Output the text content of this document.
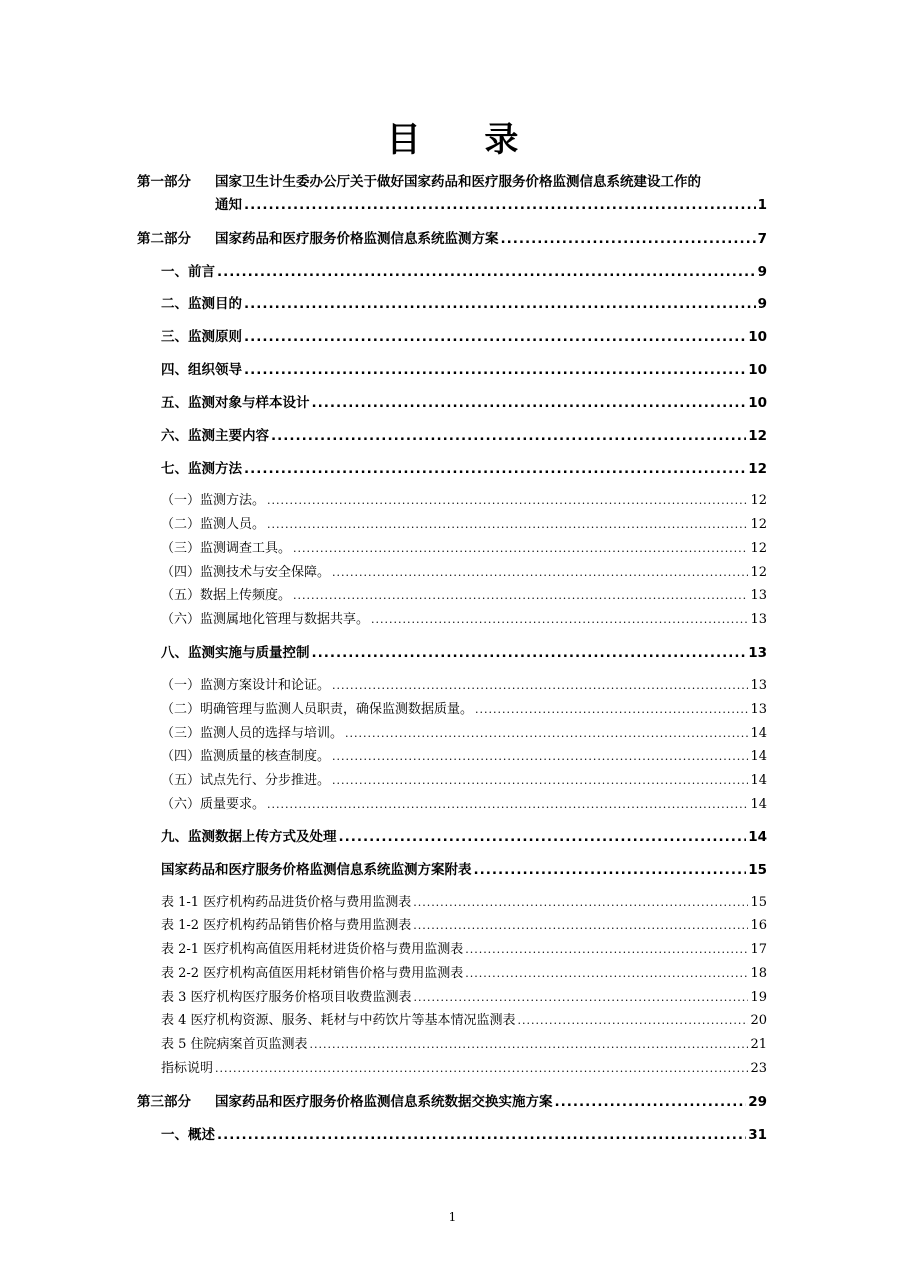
目 录
第一部分 国家卫生计生委办公厅关于做好国家药品和医疗服务价格监测信息系统建设工作的
通知 .....	1
第二部分 国家药品和医疗服务价格监测信息系统监测方案 .....	7
一、前言 .....	9
二、监测目的 .....	9
三、监测原则 .....	10
四、组织领导 .....	10
五、监测对象与样本设计 .....	10
六、监测主要内容 .....	12
七、监测方法 .....	12
（一）监测方法。 .....	12
（二）监测人员。 .....	12
（三）监测调查工具。 .....	12
（四）监测技术与安全保障。 .....	12
（五）数据上传频度。 .....	13
（六）监测属地化管理与数据共享。 .....	13
八、监测实施与质量控制 .....	13
（一）监测方案设计和论证。 .....	13
（二）明确管理与监测人员职责，确保监测数据质量。 .....	13
（三）监测人员的选择与培训。 .....	14
（四）监测质量的核查制度。 .....	14
（五）试点先行、分步推进。 .....	14
（六）质量要求。 .....	14
九、监测数据上传方式及处理 .....	14
国家药品和医疗服务价格监测信息系统监测方案附表 .....	15
表 1-1 医疗机构药品进货价格与费用监测表 .....	15
表 1-2 医疗机构药品销售价格与费用监测表 .....	16
表 2-1 医疗机构高值医用耗材进货价格与费用监测表 .....	17
表 2-2 医疗机构高值医用耗材销售价格与费用监测表 .....	18
表 3 医疗机构医疗服务价格项目收费监测表 .....	19
表 4 医疗机构资源、服务、耗材与中药饮片等基本情况监测表 .....	20
表 5 住院病案首页监测表 .....	21
指标说明 .....	23
第三部分 国家药品和医疗服务价格监测信息系统数据交换实施方案 .....	29
一、概述 .....	31
1
